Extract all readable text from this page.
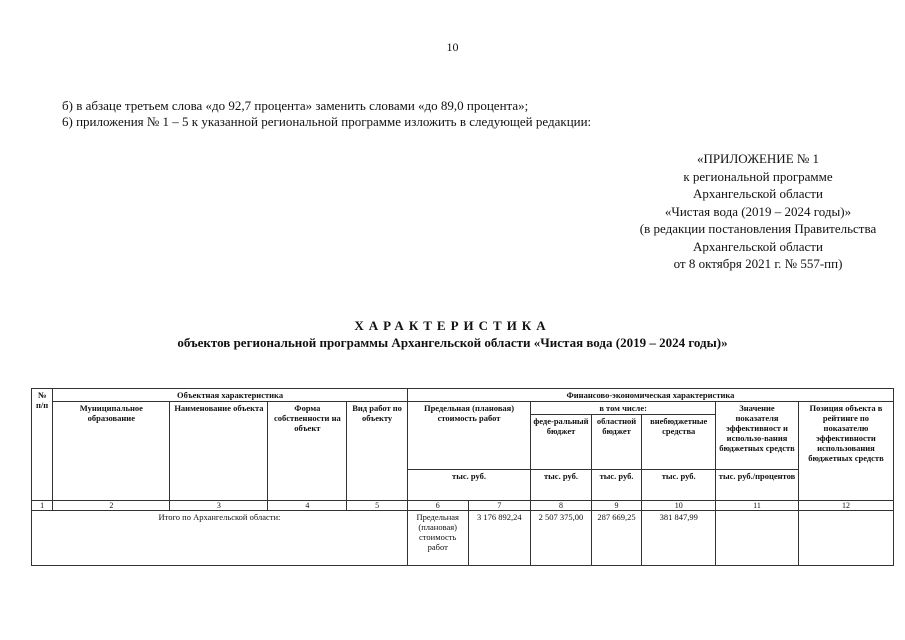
10
б) в абзаце третьем слова «до 92,7 процента» заменить словами «до 89,0 процента»;
6) приложения № 1 – 5 к указанной региональной программе изложить в следующей редакции:
«ПРИЛОЖЕНИЕ № 1
к региональной программе
Архангельской области
«Чистая вода (2019 – 2024 годы)»
(в редакции постановления Правительства
Архангельской области
от 8 октября 2021 г. № 557-пп)
ХАРАКТЕРИСТИКА
объектов региональной программы Архангельской области «Чистая вода (2019 – 2024 годы)»
№ п/п	Объектная характеристика				Финансово-экономическая характеристика						
	Муниципальное образование	Наименование объекта	Форма собственности на объект	Вид работ по объекту	Предельная (плановая) стоимость работ		в том числе:			Значение показателя эффективност и использо-вания бюджетных средств	Позиция объекта в рейтинге по показателю эффективности использования бюджетных средств
							феде-ральный бюджет	областной бюджет	внебюджетные средства		
					тыс. руб.		тыс. руб.	тыс. руб.	тыс. руб.	тыс. руб./процентов	
1	2	3	4	5	6	7	8	9	10	11	12
Итого по Архангельской области:					Предельная (плановая) стоимость работ	3 176 892,24	2 507 375,00	287 669,25	381 847,99		
